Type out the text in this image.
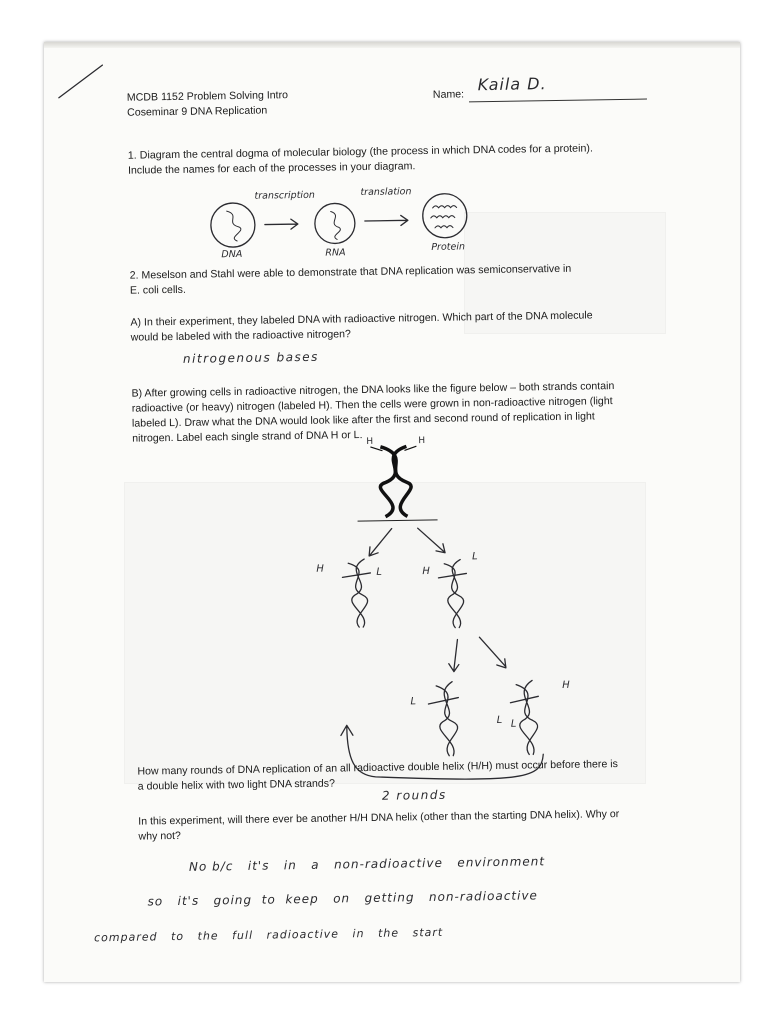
MCDB 1152 Problem Solving Intro
Coseminar 9 DNA Replication
Name:
Kaila D.
1. Diagram the central dogma of molecular biology (the process in which DNA codes for a protein).
Include the names for each of the processes in your diagram.
transcription	translation
DNA	RNA
Protein
2. Meselson and Stahl were able to demonstrate that DNA replication was semiconservative in
E. coli cells.
A) In their experiment, they labeled DNA with radioactive nitrogen. Which part of the DNA molecule
would be labeled with the radioactive nitrogen?
nitrogenous bases
B) After growing cells in radioactive nitrogen, the DNA looks like the figure below – both strands contain
radioactive (or heavy) nitrogen (labeled H). Then the cells were grown in non-radioactive nitrogen (light
labeled L). Draw what the DNA would look like after the first and second round of replication in light
nitrogen. Label each single strand of DNA H or L. H	H
H	L	H
L
L
L L
H
How many rounds of DNA replication of an all radioactive double helix (H/H) must occur before there is
a double helix with two light DNA strands?
2 rounds
In this experiment, will there ever be another H/H DNA helix (other than the starting DNA helix). Why or
why not?
No b/c   it's   in   a   non-radioactive   environment
so   it's   going  to  keep   on   getting   non-radioactive
compared   to   the   full   radioactive   in   the   start
